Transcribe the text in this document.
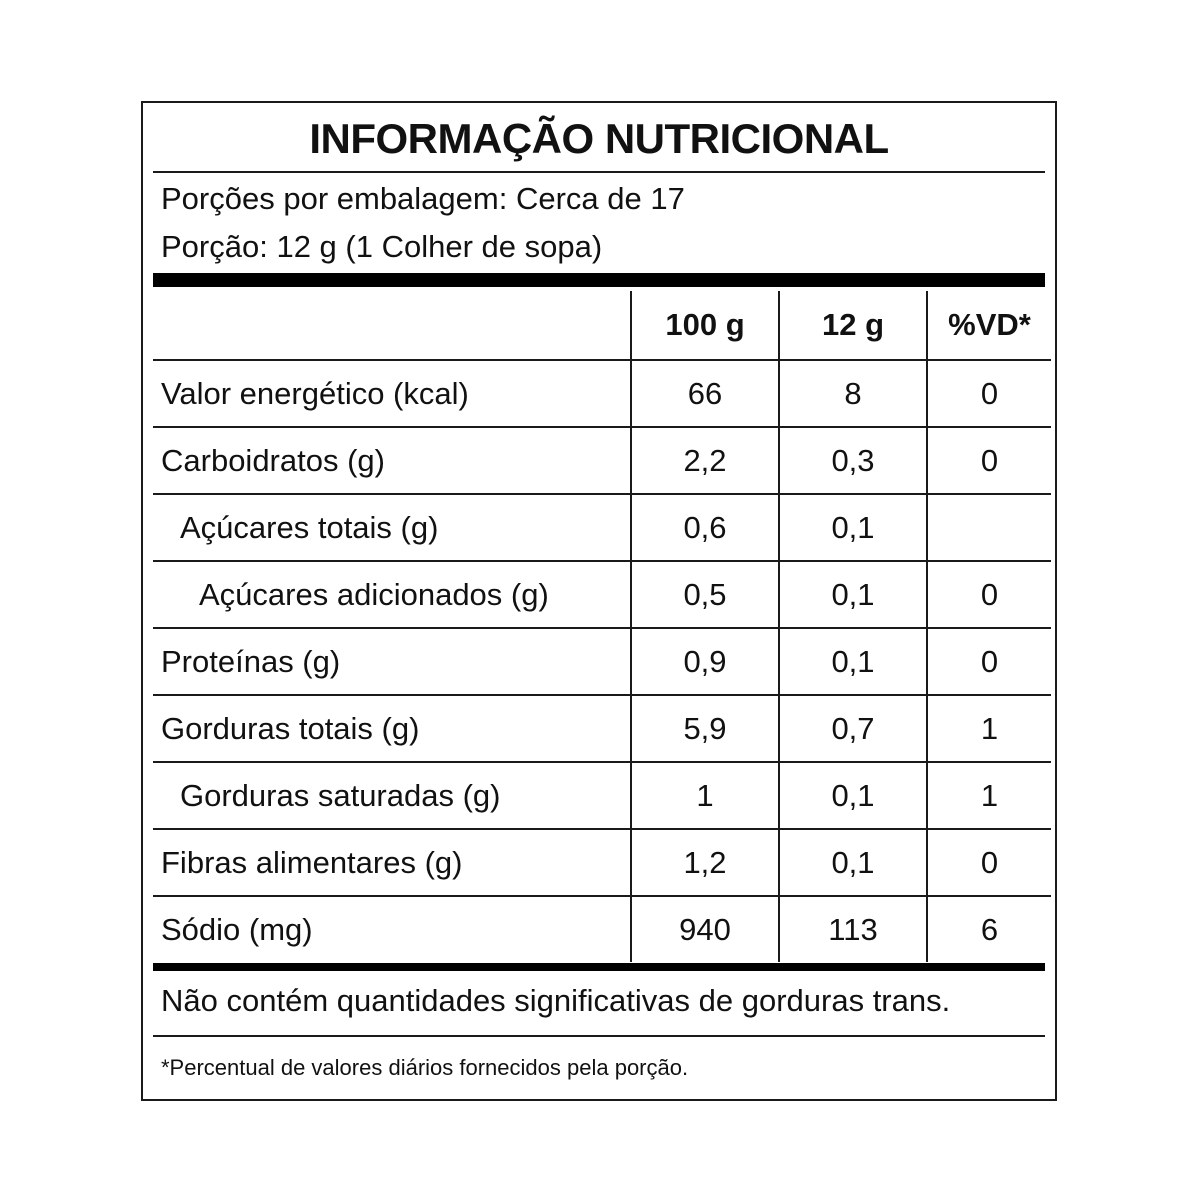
INFORMAÇÃO NUTRICIONAL
Porções por embalagem: Cerca de 17
Porção: 12 g (1 Colher de sopa)
	100 g	12 g	%VD*
Valor energético (kcal)	66	8	0
Carboidratos (g)	2,2	0,3	0
Açúcares totais (g)	0,6	0,1	
Açúcares adicionados (g)	0,5	0,1	0
Proteínas (g)	0,9	0,1	0
Gorduras totais (g)	5,9	0,7	1
Gorduras saturadas (g)	1	0,1	1
Fibras alimentares (g)	1,2	0,1	0
Sódio (mg)	940	113	6
Não contém quantidades significativas de gorduras trans.
*Percentual de valores diários fornecidos pela porção.
